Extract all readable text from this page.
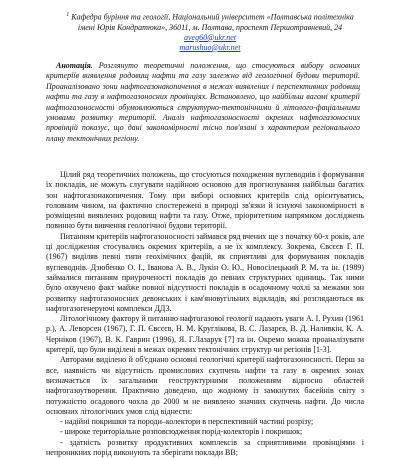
$^1$ Кафедра буріння та геології, Національний університет «Полтавська політехніка
імені Юрія Кондратюка», 36011, м. Полтава, проспект Першотравневий, 24
aveg60@ukr.net
marushuo@ukr.net
Анотація. Розглянуто теоретичні положення, що стосуються вибору основних критеріїв виявлення родовищ нафти та газу залежно від геологічної будови території. Проаналізовано зони нафтогазонакопичення в межах виявлених і перспективних родовищ нафти та газу в нафтогазоносних провінціях. Встановлено, що найбільш вагомі критерії нафтогазоносності обумовлюються структурно-тектонічними й літолого-фаціальними умовами розвитку території. Аналіз нафтогазоносності окремих нафтогазоносних провінцій показує, що дані закономірності тісно пов'язані з характером регіонального плану тектонічних регіону.

Цілий ряд теоретичних положень, що стосуються походження вуглеводнів і формування їх покладів, не можуть слугувати надійною основою для прогнозування найбільш багатих зон нафтогазонакопичення. Тому при виборі основних критеріїв слід орієнтуватись, головним чином, на фактично спостережені в природі зв'язки й існуючі закономірності в розміщенні виявлених родовищ нафти та газу. Отже, пріоритетним напрямком досліджень повинно бути вивчення геологічної будови території.

Питанням критеріїв нафтогазоносності займався ряд вчених ще з початку 60-х років, але ці дослідження стосувались окремих критеріїв, а не їх комплексу. Зокрема, Євсєєв Г. П. (1967) виділяв певні типи геохімічних фацій, як сприятливі для формування покладів вуглеводнів. Дзюбенко О. І., Іванова А. В., Лукін О. Ю., Новосілецький Р. М. та ін. (1989) займалися питанням приуроченості покладів до певних структурних одиниць. Так ними було охвучено факт майже повної відсутності покладів в осадочному чохлі за межами зон розвитку нафтогазоносних девонських і кам'яновугільних відкладів, які розглядаються як нафтогазогенеруючі комплекси ДДЗ.

Літологічному фактору й питанню нафтогазової геології надають уваги А. І. Рухин (1961 р.), А. Леворсен (1967), Г. П. Євсєєв, Н. М. Круглікова, В. С. Лазарєв, В. Д. Наливкін, К. А. Черніков (1967), В. К. Гаврин (1996), Я. Г.Лазарук [7] та ін. Окремо можна проаналізувати критерії, що були виділені в межах окремих тектонічних структур чи регіонів [1-3].

Авторами виділено й об'єднано основні геологічні критерії нафтогазоносності. Перш за все, наявність чи відсутність промислових скупчень нафти та газу в окремих зонах визначається їх загальними геоструктурними положенням відносно областей нафтогазоутворення. Практично доведено, що жодному із замкнутих басейнів світу з потужністю осадового чохла до 2000 м не виявлено значних скупчень нафти. До числа основних літологічних умов слід віднести:

- надійні покришки та породи–колектори в перспективній частині розрізу;
- широке територіальне розповсюдження порід-колекторів і покришок;
- здатність розвитку продуктивних комплексів за сприятливими провінціями і непроникних порід виконують та зберігати поклади ВВ;
